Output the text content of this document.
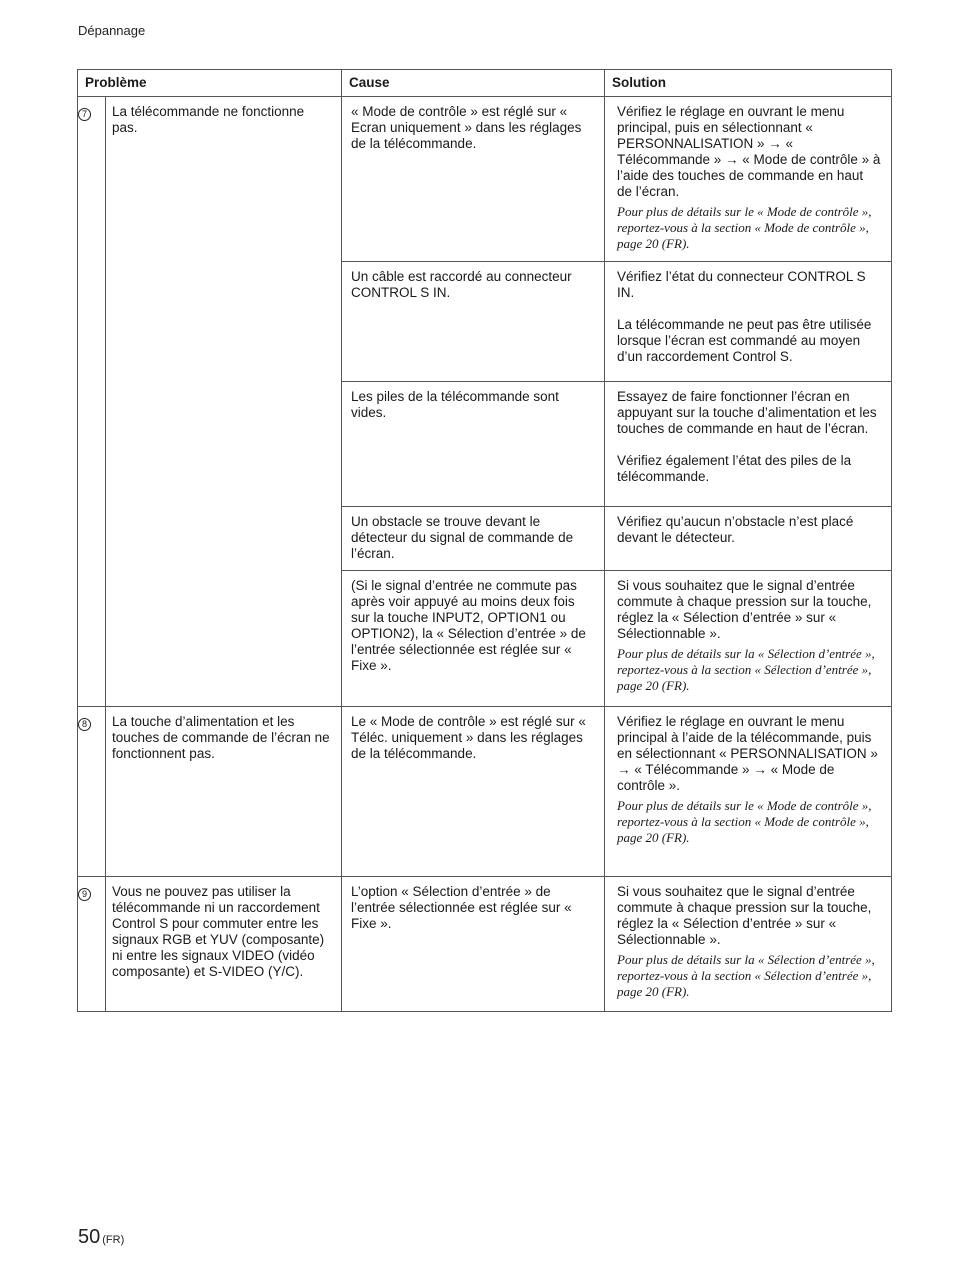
Dépannage
Problème		Cause	Solution
7	La télécommande ne fonctionne pas.	« Mode de contrôle » est réglé sur « Ecran uniquement » dans les réglages de la télécommande.	Vérifiez le réglage en ouvrant le menu principal, puis en sélectionnant « PERSONNALISATION » → « Télécommande » → « Mode de contrôle » à l’aide des touches de commande en haut de l’écran.
Pour plus de détails sur le « Mode de contrôle », reportez-vous à la section « Mode de contrôle », page 20 (FR).

		Un câble est raccordé au connecteur CONTROL S IN.	Vérifiez l’état du connecteur CONTROL S IN.
La télécommande ne peut pas être utilisée lorsque l’écran est commandé au moyen d’un raccordement Control S.

		Les piles de la télécommande sont vides.	Essayez de faire fonctionner l’écran en appuyant sur la touche d’alimentation et les touches de commande en haut de l’écran.
Vérifiez également l’état des piles de la télécommande.

		Un obstacle se trouve devant le détecteur du signal de commande de l’écran.	Vérifiez qu’aucun n’obstacle n’est placé devant le détecteur.

		(Si le signal d’entrée ne commute pas après voir appuyé au moins deux fois sur la touche INPUT2, OPTION1 ou OPTION2), la « Sélection d’entrée » de l’entrée sélectionnée est réglée sur « Fixe ».	Si vous souhaitez que le signal d’entrée commute à chaque pression sur la touche, réglez la « Sélection d’entrée » sur « Sélectionnable ».
Pour plus de détails sur la « Sélection d’entrée », reportez-vous à la section « Sélection d’entrée », page 20 (FR).

8	La touche d’alimentation et les touches de commande de l’écran ne fonctionnent pas.	Le « Mode de contrôle » est réglé sur « Téléc. uniquement » dans les réglages de la télécommande.	Vérifiez le réglage en ouvrant le menu principal à l’aide de la télécommande, puis en sélectionnant « PERSONNALISATION » → « Télécommande » → « Mode de contrôle ».
Pour plus de détails sur le « Mode de contrôle », reportez-vous à la section « Mode de contrôle », page 20 (FR).

9	Vous ne pouvez pas utiliser la télécommande ni un raccordement Control S pour commuter entre les signaux RGB et YUV (composante) ni entre les signaux VIDEO (vidéo composante) et S-VIDEO (Y/C).	L’option « Sélection d’entrée » de l’entrée sélectionnée est réglée sur « Fixe ».	Si vous souhaitez que le signal d’entrée commute à chaque pression sur la touche, réglez la « Sélection d’entrée » sur « Sélectionnable ».
Pour plus de détails sur la « Sélection d’entrée », reportez-vous à la section « Sélection d’entrée », page 20 (FR).
50 (FR)
